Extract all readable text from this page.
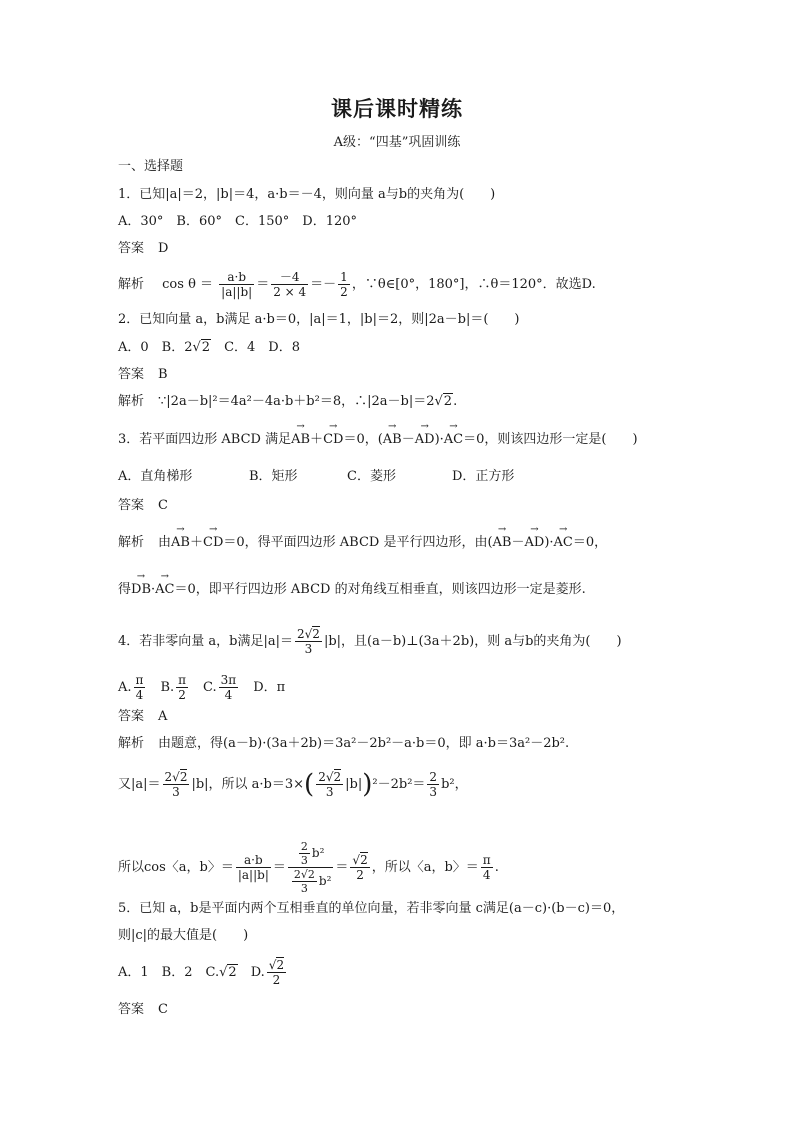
课后课时精练
A级：“四基”巩固训练
一、选择题
1．已知|a|＝2，|b|＝4，a·b＝－4，则向量 a与b的夹角为(　　)
A．30°　B．60°　C．150°　D．120°
答案 D
解析 $\cos \theta = \frac{a\cdot b}{|a||b|} = \frac{-4}{2 \times 4} =- \frac{1}{2}$ ，∵θ∈[0°，180°]，∴θ＝120°．故选D.
2．已知向量 a，b满足 a·b＝0，|a|＝1，|b|＝2，则|2a－b|＝(　　)
A．0　B．2√2　C．4　D．8
答案 B
解析 ∵|2a－b|²＝4a²－4a·b＋b²＝8，∴|2a－b|＝2√2.
3．若平面四边形 ABCD 满足→ AB＋→ CD＝0，(→ AB－→ AD)·→ AC＝0，则该四边形一定是(　　)
A．直角梯形	B．矩形	C．菱形	D．正方形
答案 C
解析 由→ AB＋→ CD＝0，得平面四边形 ABCD 是平行四边形，由(→ AB－→ AD)·→ AC＝0，
得→ DB·→ AC＝0，即平行四边形 ABCD 的对角线互相垂直，则该四边形一定是菱形.
4．若非零向量 a，b满足$|a|= \frac{2√2}{3} |b|$，且(a－b)⊥(3a＋2b)，则 a与b的夹角为(　　)
A. $\frac{\pi}{4}$
　 B. $\frac{\pi}{2}$
　 C. $\frac{3\pi}{4}$
　 D．π
答案 A
解析 由题意，得(a－b)·(3a＋2b)＝3a²－2b²－a·b＝0，即 a·b＝3a²－2b².
又$|a|= \frac{2√2}{3} |b|$，所以 $a\cdot b=3\times( \frac{2√2}{3} |b|)^2-2b^2= \frac{2}{3} b^2$，
所以cos〈a，b〉＝ $\frac{a\cdot b}{|a||b|} = \frac{\frac{2}{3} b^2}{\frac{2√2}{3} b^2} = \frac{√2}{2}$ ，所以〈a，b〉＝ $\frac{\pi}{4}$ .
5．已知 a，b是平面内两个互相垂直的单位向量，若非零向量 c满足(a－c)·(b－c)＝0，
则|c|的最大值是(　　)
A．1　B．2　C.√2　D. $\frac{√2}{2}$
答案 C
